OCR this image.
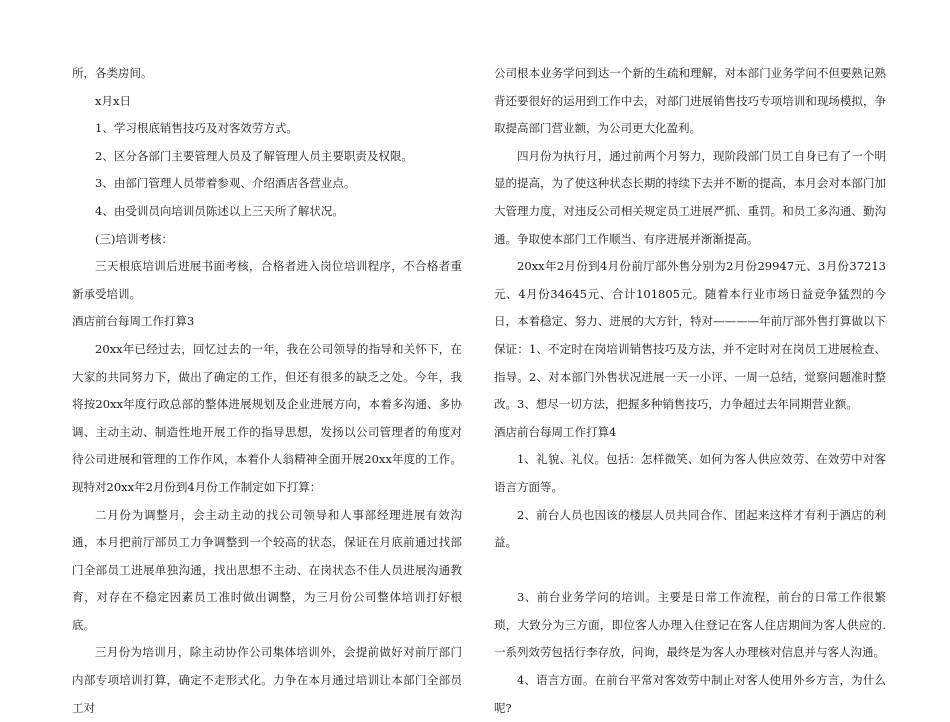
所，各类房间。

x月x日

1、学习根底销售技巧及对客效劳方式。

2、区分各部门主要管理人员及了解管理人员主要职责及权限。

3、由部门管理人员带着参观、介绍酒店各营业点。

4、由受训员向培训员陈述以上三天所了解状况。

(三)培训考核：

三天根底培训后进展书面考核，合格者进入岗位培训程序，不合格者重新承受培训。

酒店前台每周工作打算3

20xx年已经过去，回忆过去的一年，我在公司领导的指导和关怀下，在大家的共同努力下，做出了确定的工作，但还有很多的缺乏之处。今年，我将按20xx年度行政总部的整体进展规划及企业进展方向，本着多沟通、多协调、主动主动、制造性地开展工作的指导思想，发扬以公司管理者的角度对待公司进展和管理的工作作风，本着仆人翁精神全面开展20xx年度的工作。现特对20xx年2月份到4月份工作制定如下打算：

二月份为调整月，会主动主动的找公司领导和人事部经理进展有效沟通，本月把前厅部员工力争调整到一个较高的状态，保证在月底前通过找部门全部员工进展单独沟通，找出思想不主动、在岗状态不佳人员进展沟通教育，对存在不稳定因素员工准时做出调整，为三月份公司整体培训打好根底。

三月份为培训月，除主动协作公司集体培训外，会提前做好对前厅部门内部专项培训打算，确定不走形式化。力争在本月通过培训让本部门全部员工对

公司根本业务学问到达一个新的生疏和理解，对本部门业务学问不但要熟记熟背还要很好的运用到工作中去，对部门进展销售技巧专项培训和现场模拟，争取提高部门营业额，为公司更大化盈利。

四月份为执行月，通过前两个月努力，现阶段部门员工自身已有了一个明显的提高，为了使这种状态长期的持续下去并不断的提高，本月会对本部门加大管理力度，对违反公司相关规定员工进展严抓、重罚。和员工多沟通、勤沟通。争取使本部门工作顺当、有序进展并渐渐提高。

20xx年2月份到4月份前厅部外售分别为2月份29947元、3月份37213元、4月份34645元、合计101805元。随着本行业市场日益竞争猛烈的今日，本着稳定、努力、进展的大方针，特对————年前厅部外售打算做以下保证：1、不定时在岗培训销售技巧及方法，并不定时对在岗员工进展检查、指导。2、对本部门外售状况进展一天一小评、一周一总结，觉察问题准时整改。3、想尽一切方法，把握多种销售技巧，力争超过去年同期营业额。

酒店前台每周工作打算4

1、礼貌、礼仪。包括：怎样微笑、如何为客人供应效劳、在效劳中对客语言方面等。

2、前台人员也因该的楼层人员共同合作、团起来这样才有利于酒店的利益。

3、前台业务学问的培训。主要是日常工作流程，前台的日常工作很繁琐，大致分为三方面，即位客人办理入住登记在客人住店期间为客人供应的.一系列效劳包括行李存放，问询，最终是为客人办理核对信息并与客人沟通。

4、语言方面。在前台平常对客效劳中制止对客人使用外乡方言，为什么呢?
